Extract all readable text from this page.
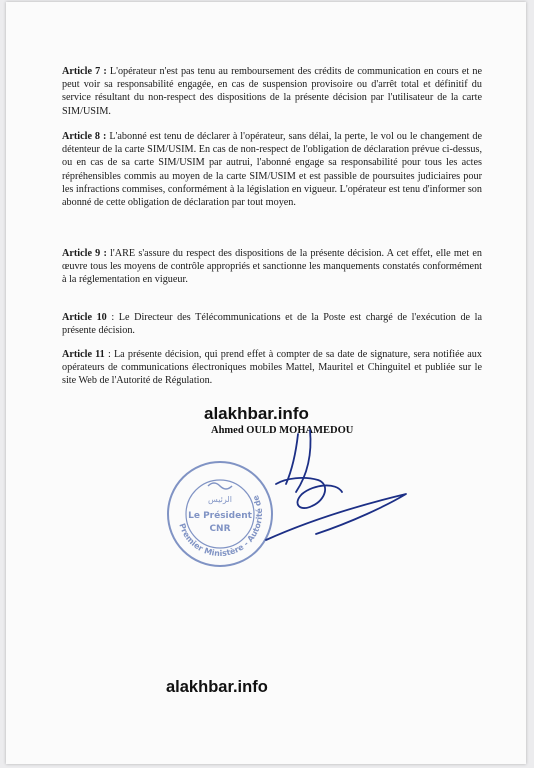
Article 7 : L'opérateur n'est pas tenu au remboursement des crédits de communication en cours et ne peut voir sa responsabilité engagée, en cas de suspension provisoire ou d'arrêt total et définitif du service résultant du non-respect des dispositions de la présente décision par l'utilisateur de la carte SIM/USIM.
Article 8 : L'abonné est tenu de déclarer à l'opérateur, sans délai, la perte, le vol ou le changement de détenteur de la carte SIM/USIM. En cas de non-respect de l'obligation de déclaration prévue ci-dessus, ou en cas de sa carte SIM/USIM par autrui, l'abonné engage sa responsabilité pour tous les actes répréhensibles commis au moyen de la carte SIM/USIM et est passible de poursuites judiciaires pour les infractions commises, conformément à la législation en vigueur. L'opérateur est tenu d'informer son abonné de cette obligation de déclaration par tout moyen.
Article 9 : l'ARE s'assure du respect des dispositions de la présente décision. A cet effet, elle met en œuvre tous les moyens de contrôle appropriés et sanctionne les manquements constatés conformément à la réglementation en vigueur.
Article 10 : Le Directeur des Télécommunications et de la Poste est chargé de l'exécution de la présente décision.
Article 11 : La présente décision, qui prend effet à compter de sa date de signature, sera notifiée aux opérateurs de communications électroniques mobiles Mattel, Mauritel et Chinguitel et publiée sur le site Web de l'Autorité de Régulation.
alakhbar.info
Ahmed OULD MOHAMEDOU
Premier Ministère - Autorité de
الرئيس
Le Président
CNR
alakhbar.info
